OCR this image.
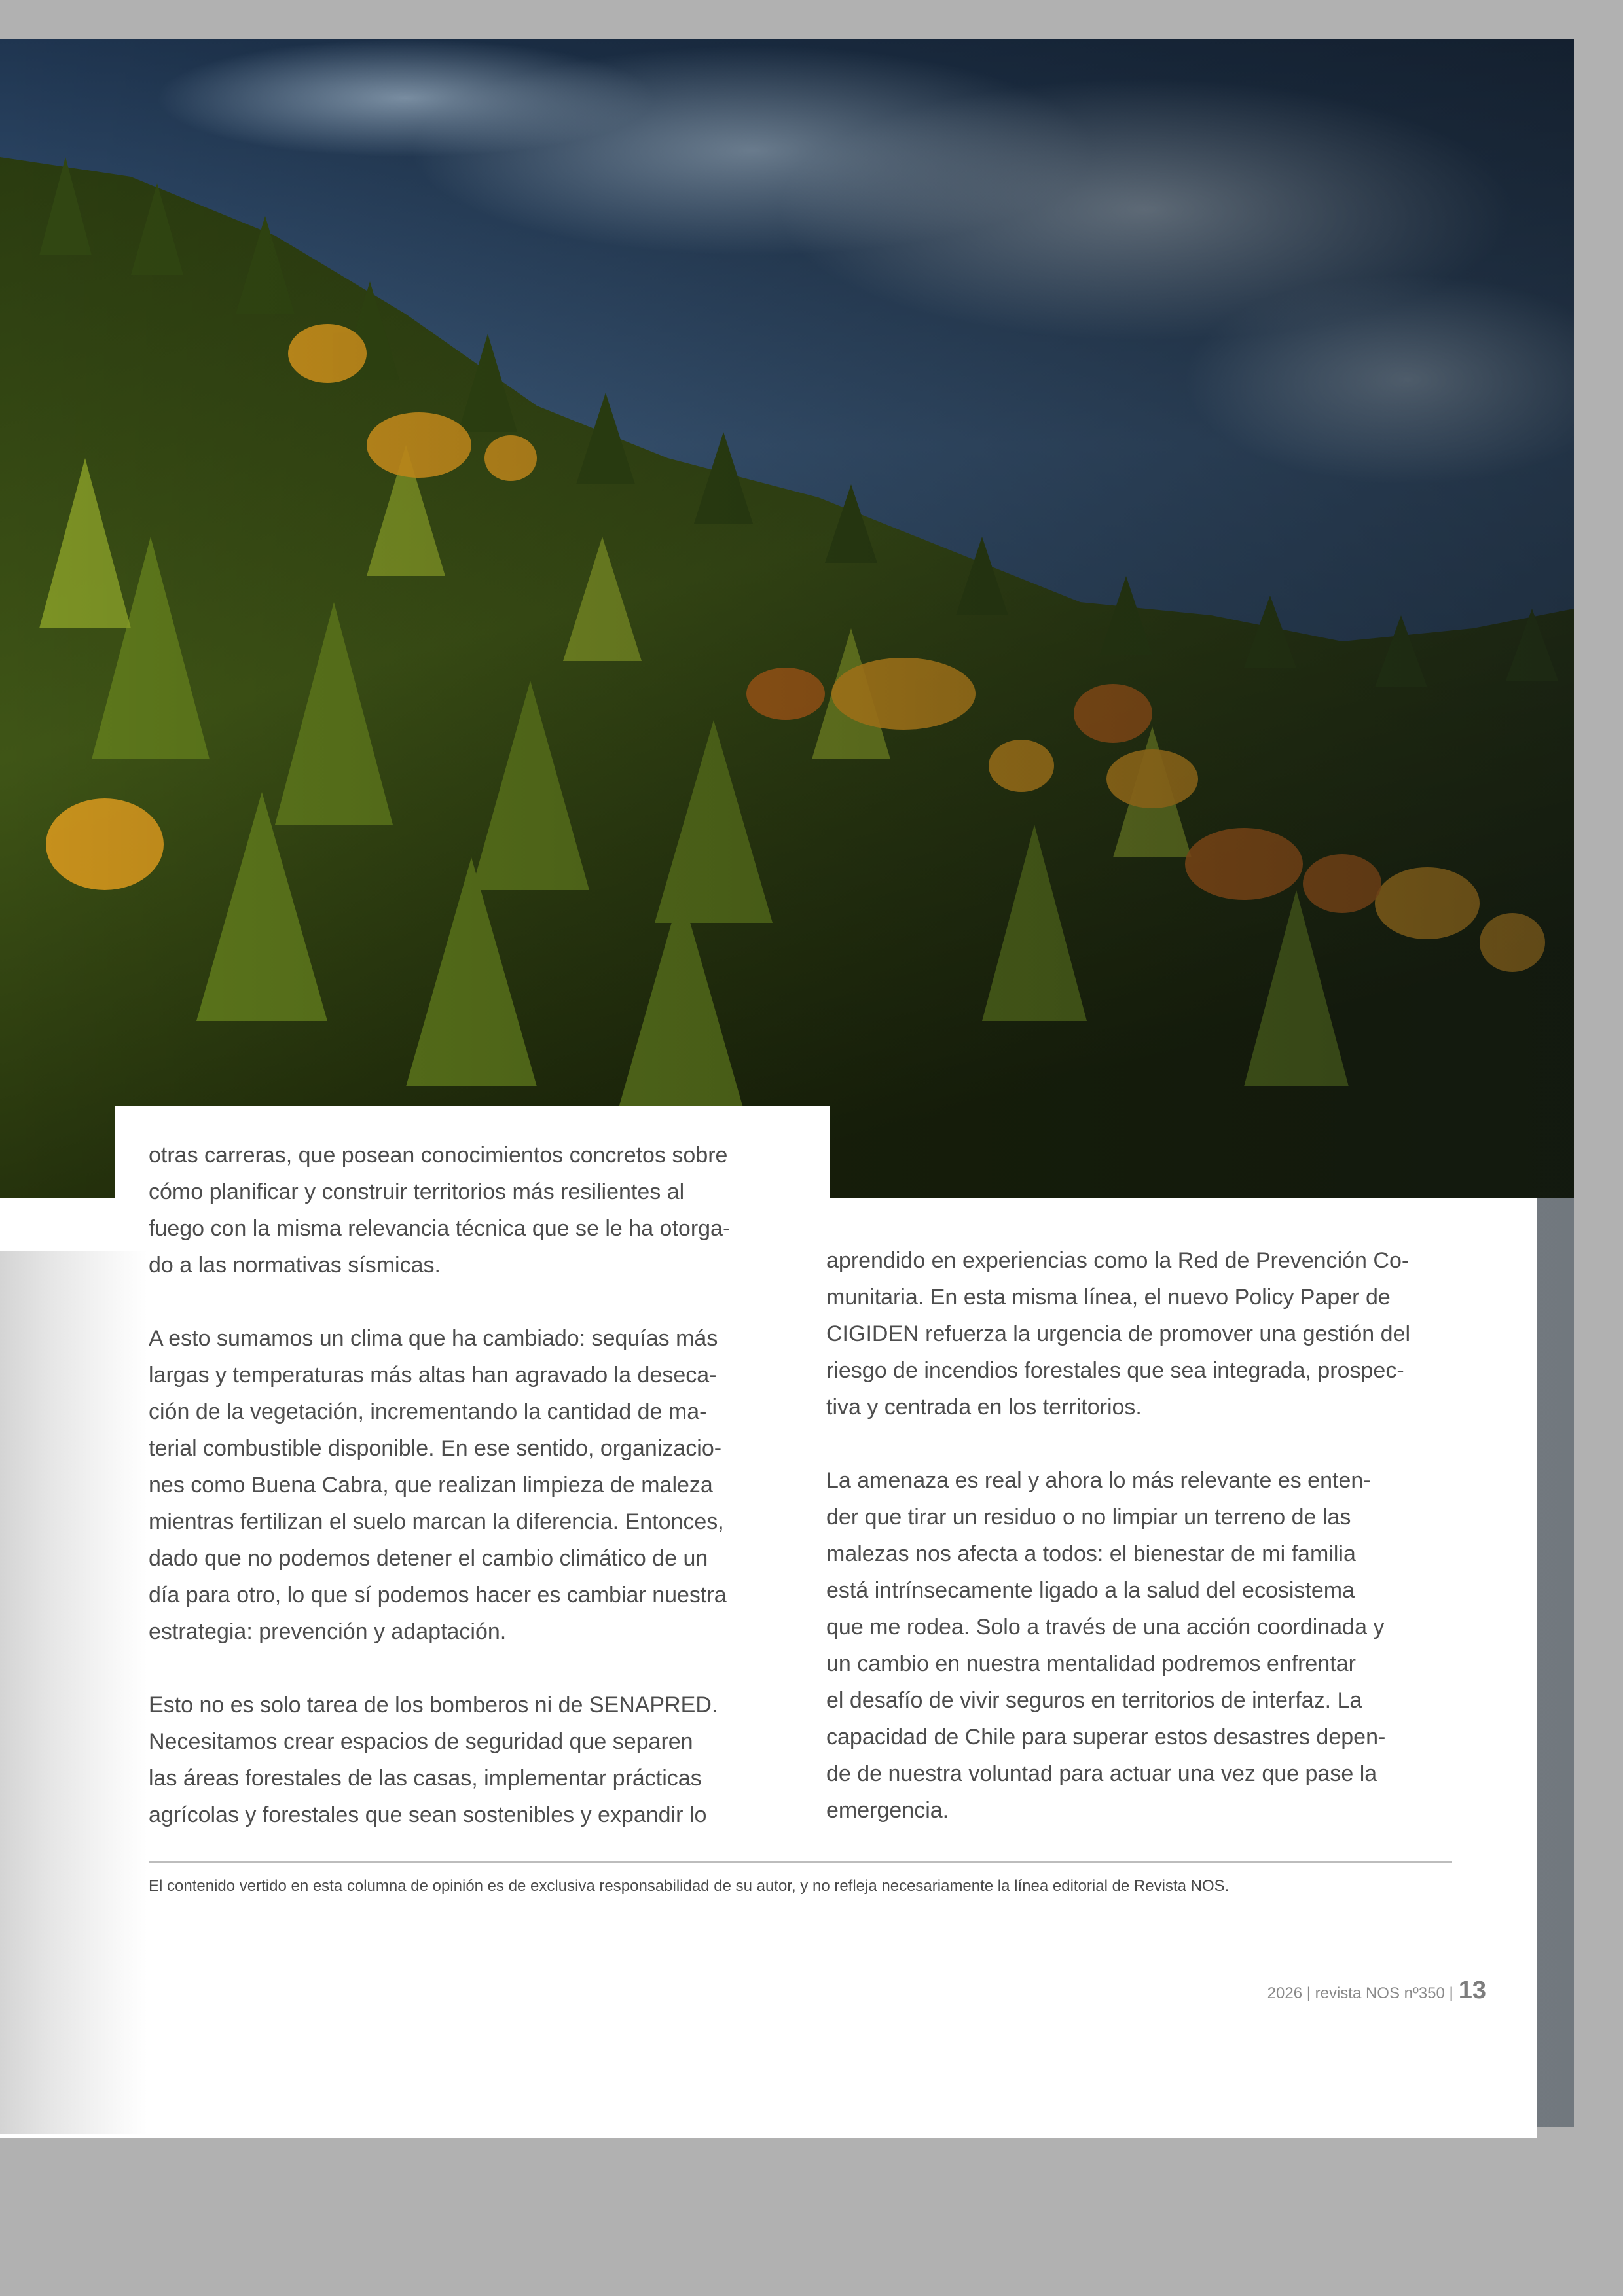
otras carreras, que posean conocimientos concretos sobre
cómo planificar y construir territorios más resilientes al
fuego con la misma relevancia técnica que se le ha otorga-
do a las normativas sísmicas.

A esto sumamos un clima que ha cambiado: sequías más
largas y temperaturas más altas han agravado la deseca-
ción de la vegetación, incrementando la cantidad de ma-
terial combustible disponible. En ese sentido, organizacio-
nes como Buena Cabra, que realizan limpieza de maleza
mientras fertilizan el suelo marcan la diferencia. Entonces,
dado que no podemos detener el cambio climático de un
día para otro, lo que sí podemos hacer es cambiar nuestra
estrategia: prevención y adaptación.

Esto no es solo tarea de los bomberos ni de SENAPRED.
Necesitamos crear espacios de seguridad que separen
las áreas forestales de las casas, implementar prácticas
agrícolas y forestales que sean sostenibles y expandir lo

aprendido en experiencias como la Red de Prevención Co-
munitaria. En esta misma línea, el nuevo Policy Paper de
CIGIDEN refuerza la urgencia de promover una gestión del
riesgo de incendios forestales que sea integrada, prospec-
tiva y centrada en los territorios.

La amenaza es real y ahora lo más relevante es enten-
der que tirar un residuo o no limpiar un terreno de las
malezas nos afecta a todos: el bienestar de mi familia
está intrínsecamente ligado a la salud del ecosistema
que me rodea. Solo a través de una acción coordinada y
un cambio en nuestra mentalidad podremos enfrentar
el desafío de vivir seguros en territorios de interfaz. La
capacidad de Chile para superar estos desastres depen-
de de nuestra voluntad para actuar una vez que pase la
emergencia.

El contenido vertido en esta columna de opinión es de exclusiva responsabilidad de su autor, y no refleja necesariamente la línea editorial de Revista NOS.
2026 | revista NOS nº350 | 13
